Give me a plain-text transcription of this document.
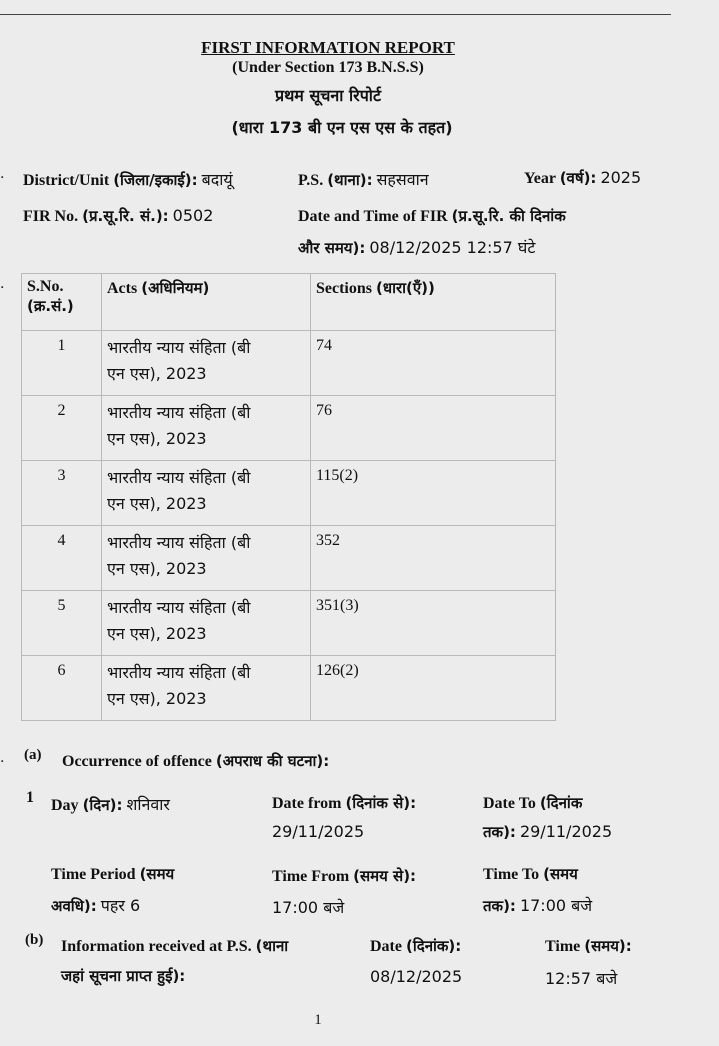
FIRST INFORMATION REPORT
(Under Section 173 B.N.S.S)
प्रथम सूचना रिपोर्ट
(धारा 173 बी एन एस एस के तहत)
. District/Unit (जिला/इकाई): बदायूं	P.S. (थाना): सहसवान	Year (वर्ष): 2025
FIR No. (प्र.सू.रि. सं.): 0502	Date and Time of FIR (प्र.सू.रि. की दिनांक
और समय): 08/12/2025 12:57 घंटे
. S.No.
(क्र.सं.)	Acts (अधिनियम)	Sections (धारा(एँ))
1	भारतीय न्याय संहिता (बी
एन एस), 2023	74
2	भारतीय न्याय संहिता (बी
एन एस), 2023	76
3	भारतीय न्याय संहिता (बी
एन एस), 2023	115(2)
4	भारतीय न्याय संहिता (बी
एन एस), 2023	352
5	भारतीय न्याय संहिता (बी
एन एस), 2023	351(3)
6	भारतीय न्याय संहिता (बी
एन एस), 2023	126(2)
. (a) Occurrence of offence (अपराध की घटना):
1 Day (दिन): शनिवार	Date from (दिनांक से):
29/11/2025
Date To (दिनांक
तक): 29/11/2025
Time Period (समय
अवधि): पहर 6
Time From (समय से):
17:00 बजे
Time To (समय
तक): 17:00 बजे
(b) Information received at P.S. (थाना
जहां सूचना प्राप्त हुई):
Date (दिनांक):
08/12/2025
Time (समय):
12:57 बजे
1
